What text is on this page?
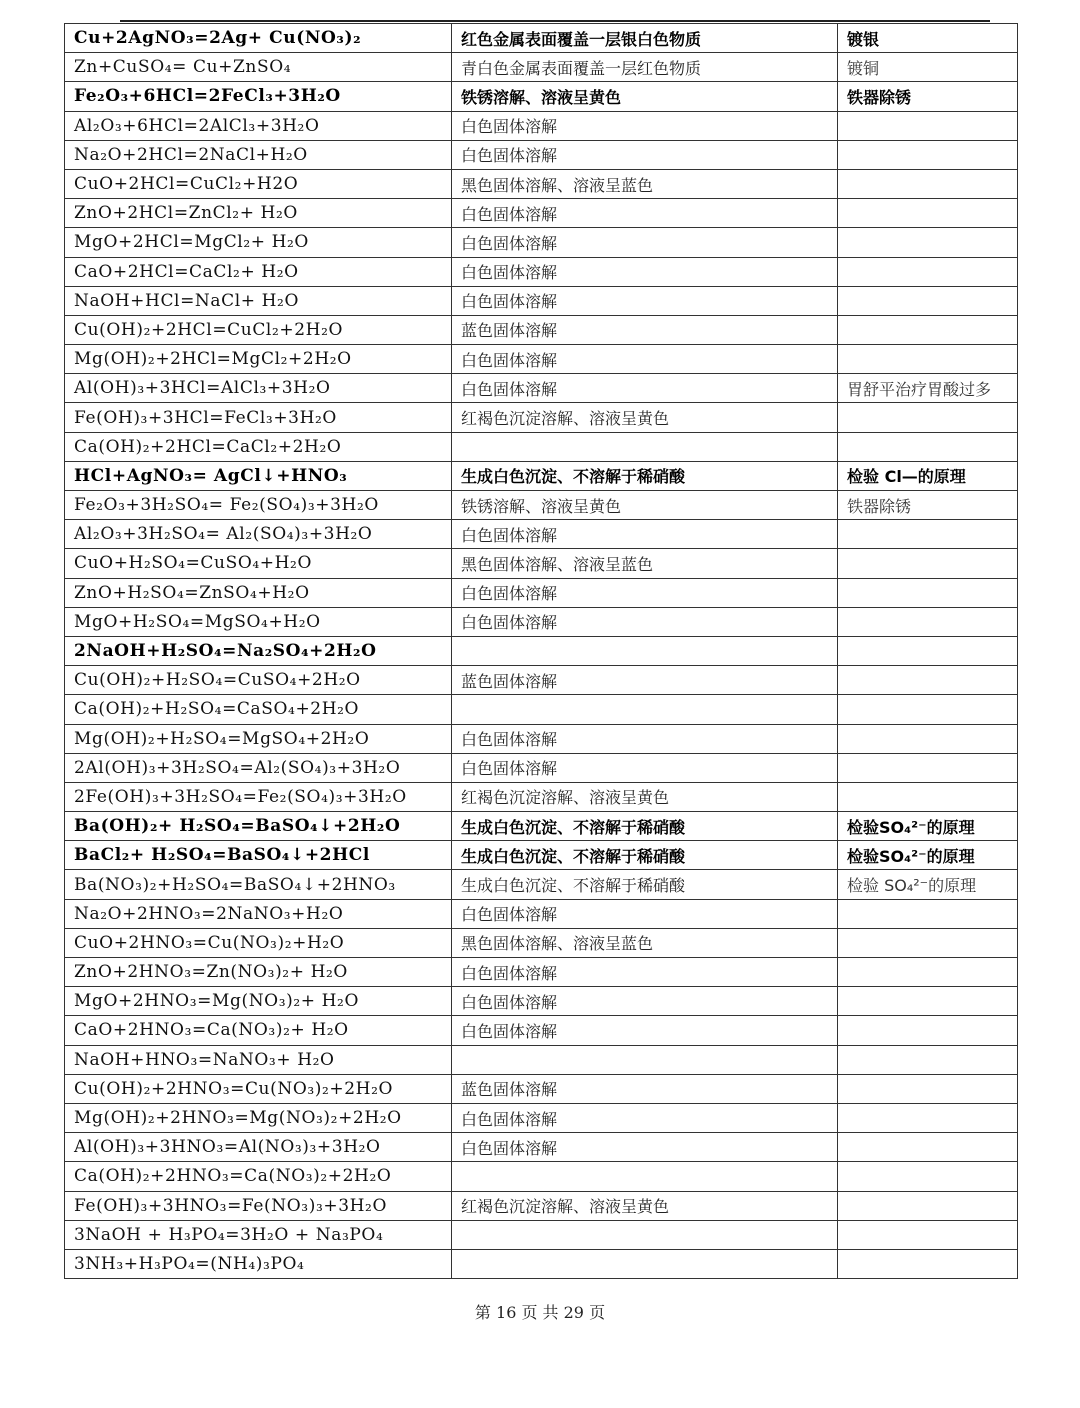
Cu+2AgNO₃=2Ag+ Cu(NO₃)₂	红色金属表面覆盖一层银白色物质	镀银
Zn+CuSO₄= Cu+ZnSO₄	青白色金属表面覆盖一层红色物质	镀铜
Fe₂O₃+6HCl=2FeCl₃+3H₂O	铁锈溶解、溶液呈黄色	铁器除锈
Al₂O₃+6HCl=2AlCl₃+3H₂O	白色固体溶解	
Na₂O+2HCl=2NaCl+H₂O	白色固体溶解	
CuO+2HCl=CuCl₂+H2O	黑色固体溶解、溶液呈蓝色	
ZnO+2HCl=ZnCl₂+ H₂O	白色固体溶解	
MgO+2HCl=MgCl₂+ H₂O	白色固体溶解	
CaO+2HCl=CaCl₂+ H₂O	白色固体溶解	
NaOH+HCl=NaCl+ H₂O	白色固体溶解	
Cu(OH)₂+2HCl=CuCl₂+2H₂O	蓝色固体溶解	
Mg(OH)₂+2HCl=MgCl₂+2H₂O	白色固体溶解	
Al(OH)₃+3HCl=AlCl₃+3H₂O	白色固体溶解	胃舒平治疗胃酸过多
Fe(OH)₃+3HCl=FeCl₃+3H₂O	红褐色沉淀溶解、溶液呈黄色	
Ca(OH)₂+2HCl=CaCl₂+2H₂O		
HCl+AgNO₃= AgCl↓+HNO₃	生成白色沉淀、不溶解于稀硝酸	检验 Cl—的原理
Fe₂O₃+3H₂SO₄= Fe₂(SO₄)₃+3H₂O	铁锈溶解、溶液呈黄色	铁器除锈
Al₂O₃+3H₂SO₄= Al₂(SO₄)₃+3H₂O	白色固体溶解	
CuO+H₂SO₄=CuSO₄+H₂O	黑色固体溶解、溶液呈蓝色	
ZnO+H₂SO₄=ZnSO₄+H₂O	白色固体溶解	
MgO+H₂SO₄=MgSO₄+H₂O	白色固体溶解	
2NaOH+H₂SO₄=Na₂SO₄+2H₂O		
Cu(OH)₂+H₂SO₄=CuSO₄+2H₂O	蓝色固体溶解	
Ca(OH)₂+H₂SO₄=CaSO₄+2H₂O		
Mg(OH)₂+H₂SO₄=MgSO₄+2H₂O	白色固体溶解	
2Al(OH)₃+3H₂SO₄=Al₂(SO₄)₃+3H₂O	白色固体溶解	
2Fe(OH)₃+3H₂SO₄=Fe₂(SO₄)₃+3H₂O	红褐色沉淀溶解、溶液呈黄色	
Ba(OH)₂+ H₂SO₄=BaSO₄↓+2H₂O	生成白色沉淀、不溶解于稀硝酸	检验SO₄²⁻的原理
BaCl₂+ H₂SO₄=BaSO₄↓+2HCl	生成白色沉淀、不溶解于稀硝酸	检验SO₄²⁻的原理
Ba(NO₃)₂+H₂SO₄=BaSO₄↓+2HNO₃	生成白色沉淀、不溶解于稀硝酸	检验 SO₄²⁻的原理
Na₂O+2HNO₃=2NaNO₃+H₂O	白色固体溶解	
CuO+2HNO₃=Cu(NO₃)₂+H₂O	黑色固体溶解、溶液呈蓝色	
ZnO+2HNO₃=Zn(NO₃)₂+ H₂O	白色固体溶解	
MgO+2HNO₃=Mg(NO₃)₂+ H₂O	白色固体溶解	
CaO+2HNO₃=Ca(NO₃)₂+ H₂O	白色固体溶解	
NaOH+HNO₃=NaNO₃+ H₂O		
Cu(OH)₂+2HNO₃=Cu(NO₃)₂+2H₂O	蓝色固体溶解	
Mg(OH)₂+2HNO₃=Mg(NO₃)₂+2H₂O	白色固体溶解	
Al(OH)₃+3HNO₃=Al(NO₃)₃+3H₂O	白色固体溶解	
Ca(OH)₂+2HNO₃=Ca(NO₃)₂+2H₂O		
Fe(OH)₃+3HNO₃=Fe(NO₃)₃+3H₂O	红褐色沉淀溶解、溶液呈黄色	
3NaOH + H₃PO₄=3H₂O + Na₃PO₄		
3NH₃+H₃PO₄=(NH₄)₃PO₄		
第 16 页 共 29 页
